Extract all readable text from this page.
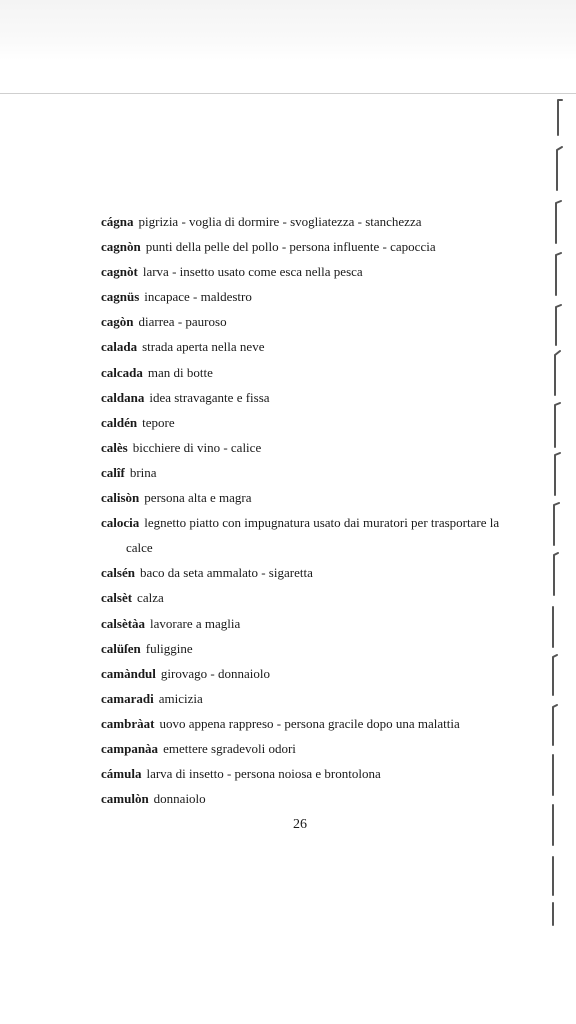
cágna pigrizia - voglia di dormire - svogliatezza - stanchezza
cagnòn punti della pelle del pollo - persona influente - capoccia
cagnòt larva - insetto usato come esca nella pesca
cagnüs incapace - maldestro
cagòn diarrea - pauroso
calada strada aperta nella neve
calcada man di botte
caldana idea stravagante e fissa
caldén tepore
calès bicchiere di vino - calice
calîf brina
calisòn persona alta e magra
calocia legnetto piatto con impugnatura usato dai muratori per trasportare la calce
calsén baco da seta ammalato - sigaretta
calsèt calza
calsètàa lavorare a maglia
calüſen fuliggine
camàndul girovago - donnaiolo
camaradi amicizia
cambràat uovo appena rappreso - persona gracile dopo una malattia
campanàa emettere sgradevoli odori
cámula larva di insetto - persona noiosa e brontolona
camulòn donnaiolo
26
